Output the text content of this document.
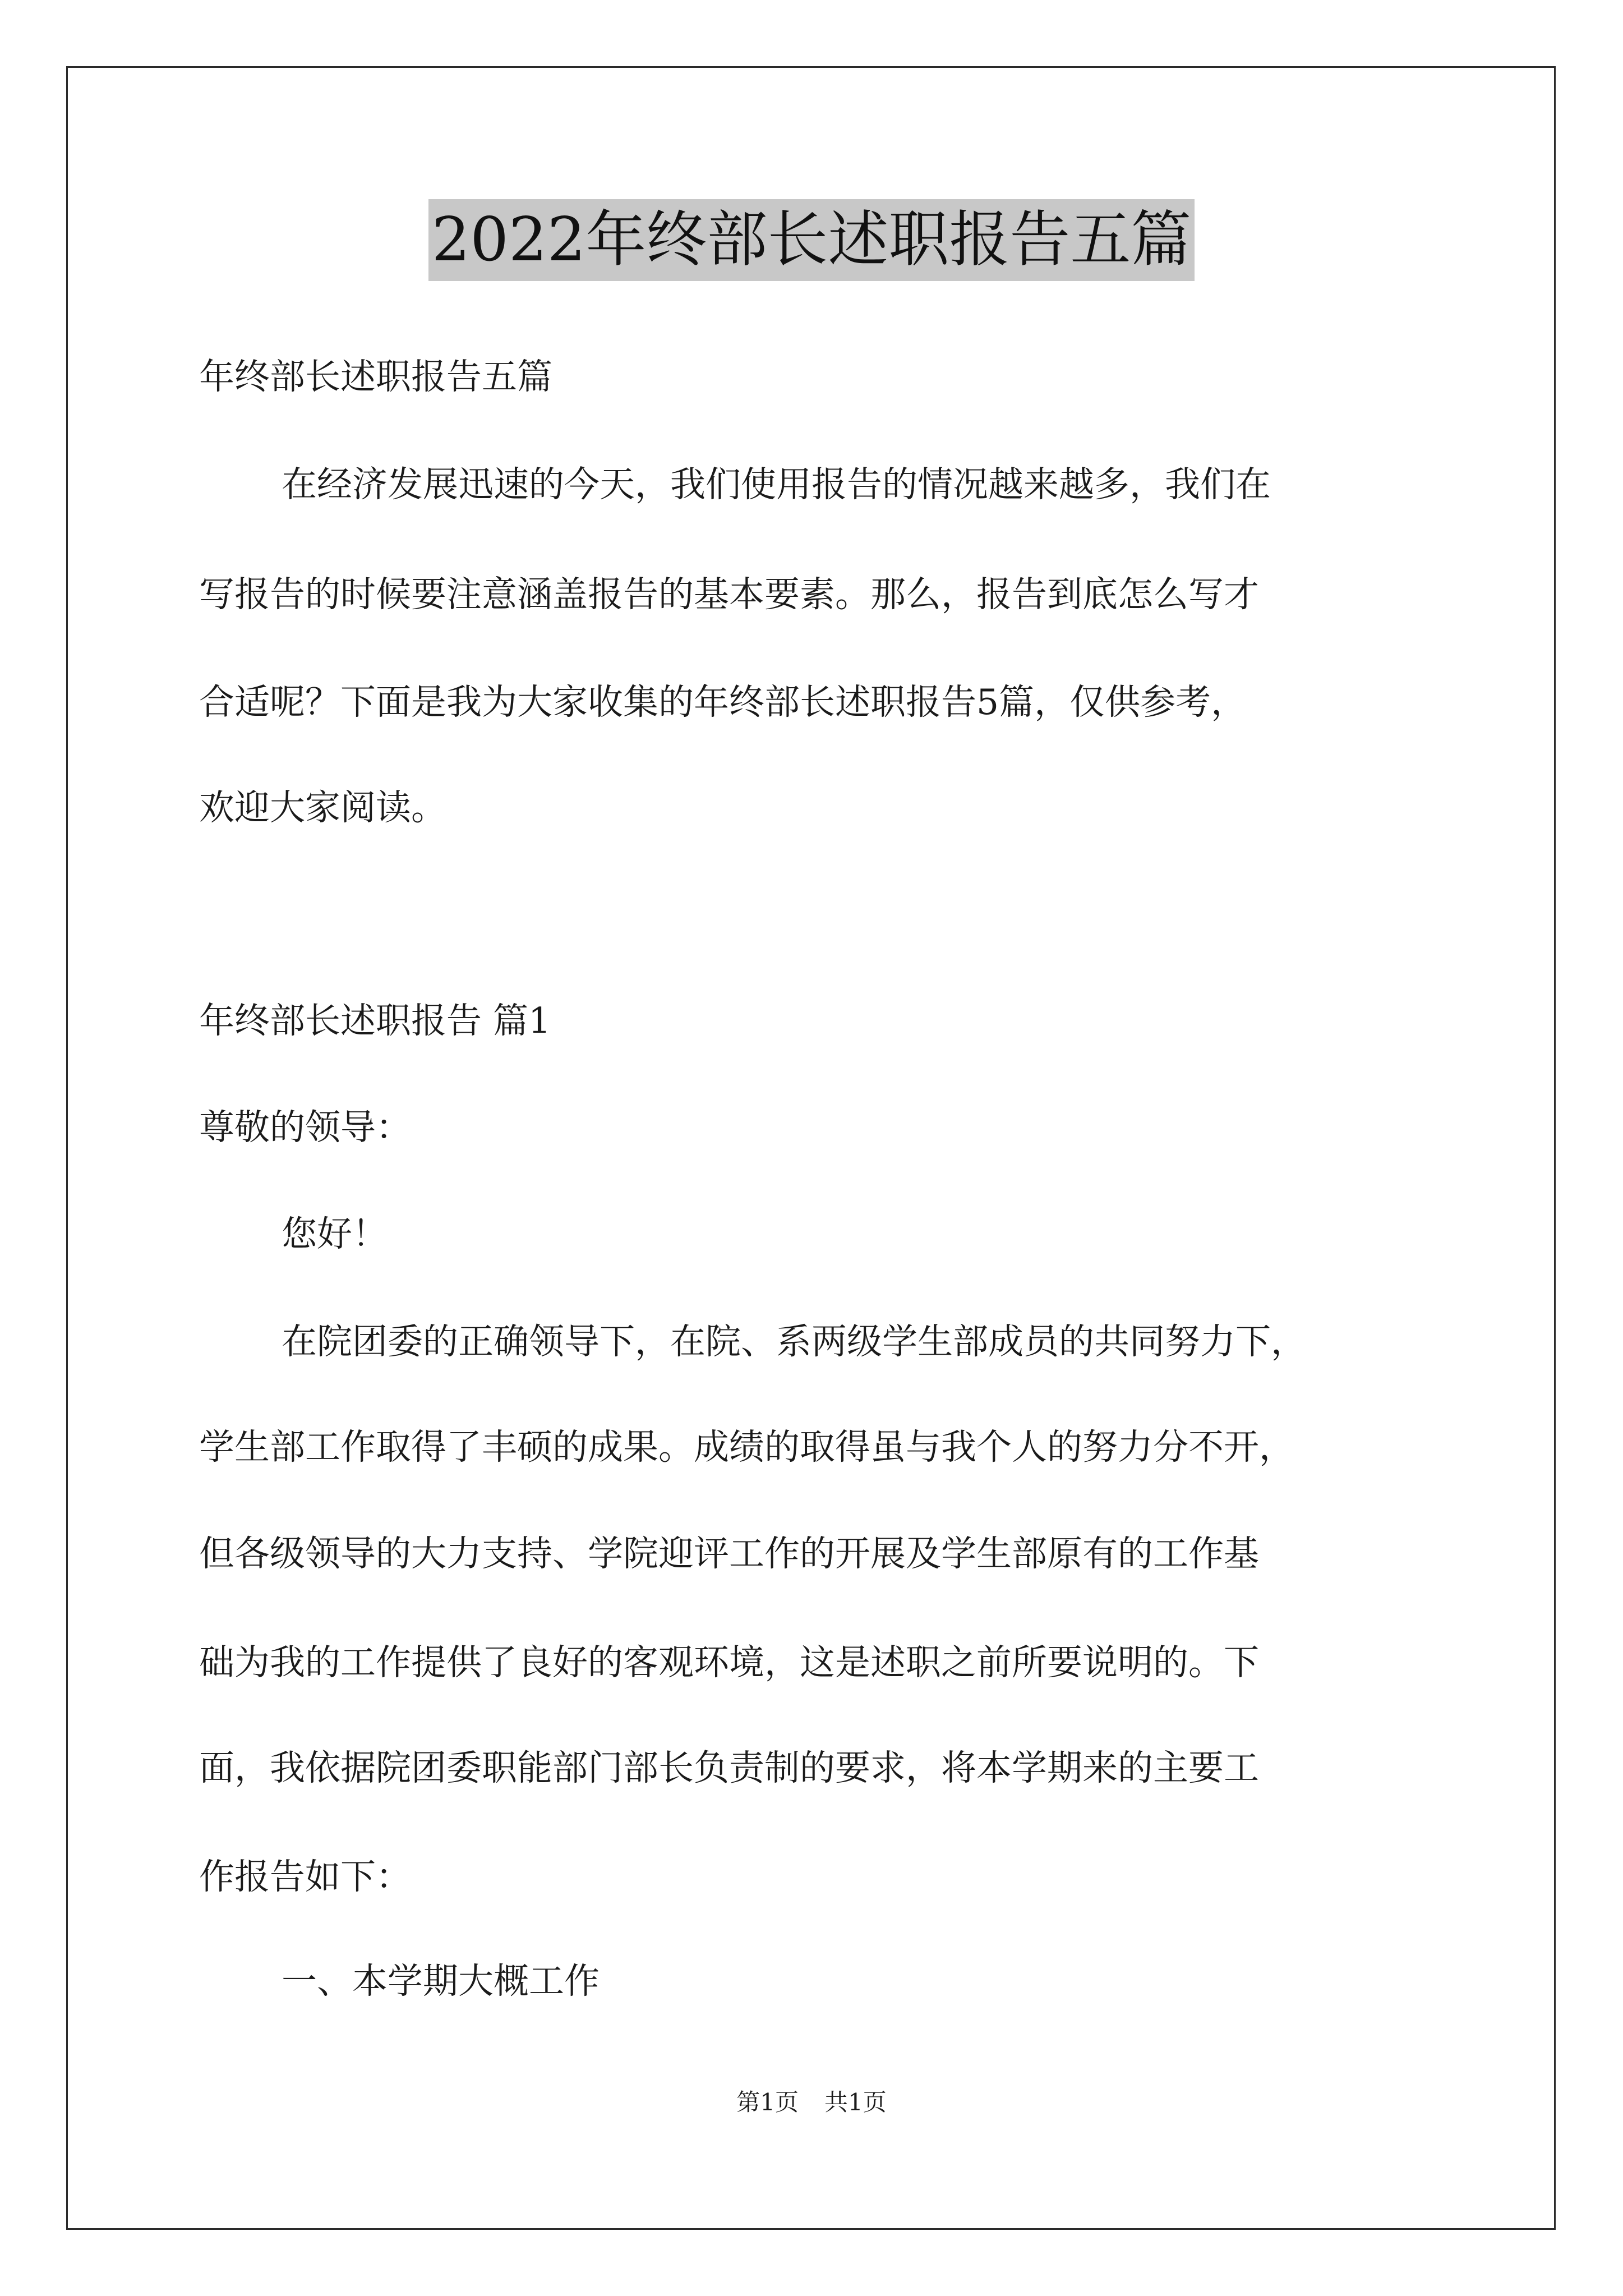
2022年终部长述职报告五篇
年终部长述职报告五篇
在经济发展迅速的今天，我们使用报告的情况越来越多，我们在
写报告的时候要注意涵盖报告的基本要素。那么，报告到底怎么写才
合适呢？下面是我为大家收集的年终部长述职报告5篇，仅供参考，
欢迎大家阅读。
年终部长述职报告 篇1
尊敬的领导：
您好！
在院团委的正确领导下，在院、系两级学生部成员的共同努力下，
学生部工作取得了丰硕的成果。成绩的取得虽与我个人的努力分不开，
但各级领导的大力支持、学院迎评工作的开展及学生部原有的工作基
础为我的工作提供了良好的客观环境，这是述职之前所要说明的。下
面，我依据院团委职能部门部长负责制的要求，将本学期来的主要工
作报告如下：
一、本学期大概工作
第1页 共1页
